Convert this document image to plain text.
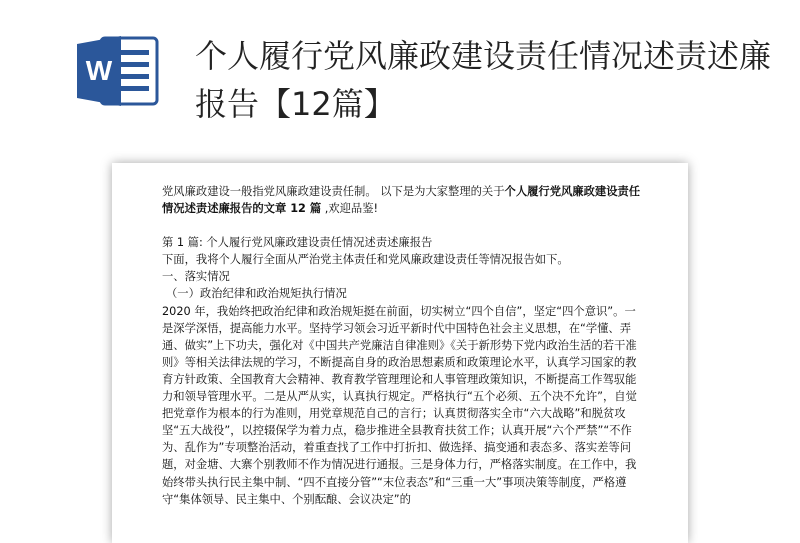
W	个人履行党风廉政建设责任情况述责述廉报告【12篇】

党风廉政建设一般指党风廉政建设责任制。 以下是为大家整理的关于个人履行党风廉政建设责任情况述责述廉报告的文章 12 篇 ,欢迎品鉴!

第 1 篇: 个人履行党风廉政建设责任情况述责述廉报告

下面，我将个人履行全面从严治党主体责任和党风廉政建设责任等情况报告如下。

一、落实情况

（一）政治纪律和政治规矩执行情况

2020 年，我始终把政治纪律和政治规矩挺在前面，切实树立“四个自信”，坚定“四个意识”。一是深学深悟，提高能力水平。坚持学习领会习近平新时代中国特色社会主义思想，在“学懂、弄通、做实”上下功夫，强化对《中国共产党廉洁自律准则》《关于新形势下党内政治生活的若干准则》等相关法律法规的学习，不断提高自身的政治思想素质和政策理论水平，认真学习国家的教育方针政策、全国教育大会精神、教育教学管理理论和人事管理政策知识，不断提高工作驾驭能力和领导管理水平。二是从严从实，认真执行规定。严格执行“五个必须、五个决不允许”，自觉把党章作为根本的行为准则，用党章规范自己的言行；认真贯彻落实全市“六大战略”和脱贫攻坚“五大战役”，以控辍保学为着力点，稳步推进全县教育扶贫工作；认真开展“六个严禁”“不作为、乱作为”专项整治活动，着重查找了工作中打折扣、做选择、搞变通和表态多、落实差等问题，对金塘、大寨个别教师不作为情况进行通报。三是身体力行，严格落实制度。在工作中，我始终带头执行民主集中制、“四不直接分管”“末位表态”和“三重一大”事项决策等制度，严格遵守“集体领导、民主集中、个别酝酿、会议决定”的
